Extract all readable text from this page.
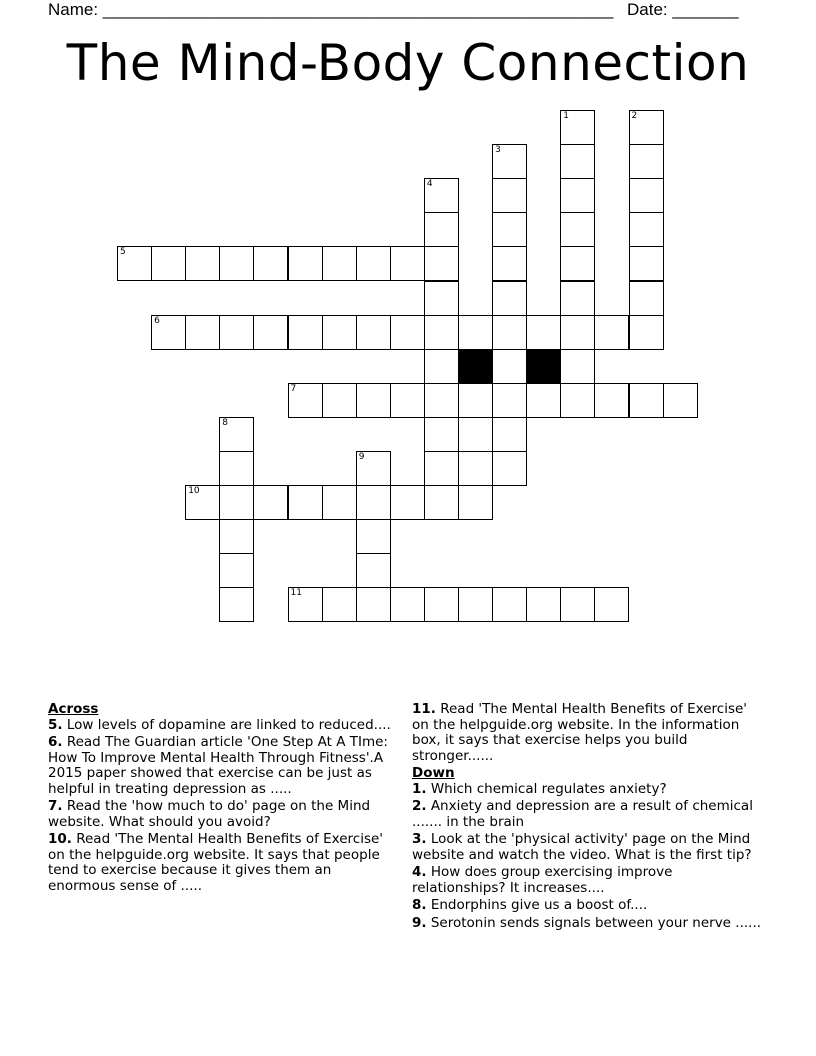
Name: ______________________________________________________ Date: _______
The Mind-Body Connection
1	2
3
4
5
6
7
8
9
10
11
Across
5. Low levels of dopamine are linked to reduced....
6. Read The Guardian article 'One Step At A TIme: How To Improve Mental Health Through Fitness'.A 2015 paper showed that exercise can be just as helpful in treating depression as .....
7. Read the 'how much to do' page on the Mind website. What should you avoid?
10. Read 'The Mental Health Benefits of Exercise' on the helpguide.org website. It says that people tend to exercise because it gives them an enormous sense of .....
11. Read 'The Mental Health Benefits of Exercise' on the helpguide.org website. In the information box, it says that exercise helps you build stronger......
Down
1. Which chemical regulates anxiety?
2. Anxiety and depression are a result of chemical ....... in the brain
3. Look at the 'physical activity' page on the Mind website and watch the video. What is the first tip?
4. How does group exercising improve relationships? It increases....
8. Endorphins give us a boost of....
9. Serotonin sends signals between your nerve ......
